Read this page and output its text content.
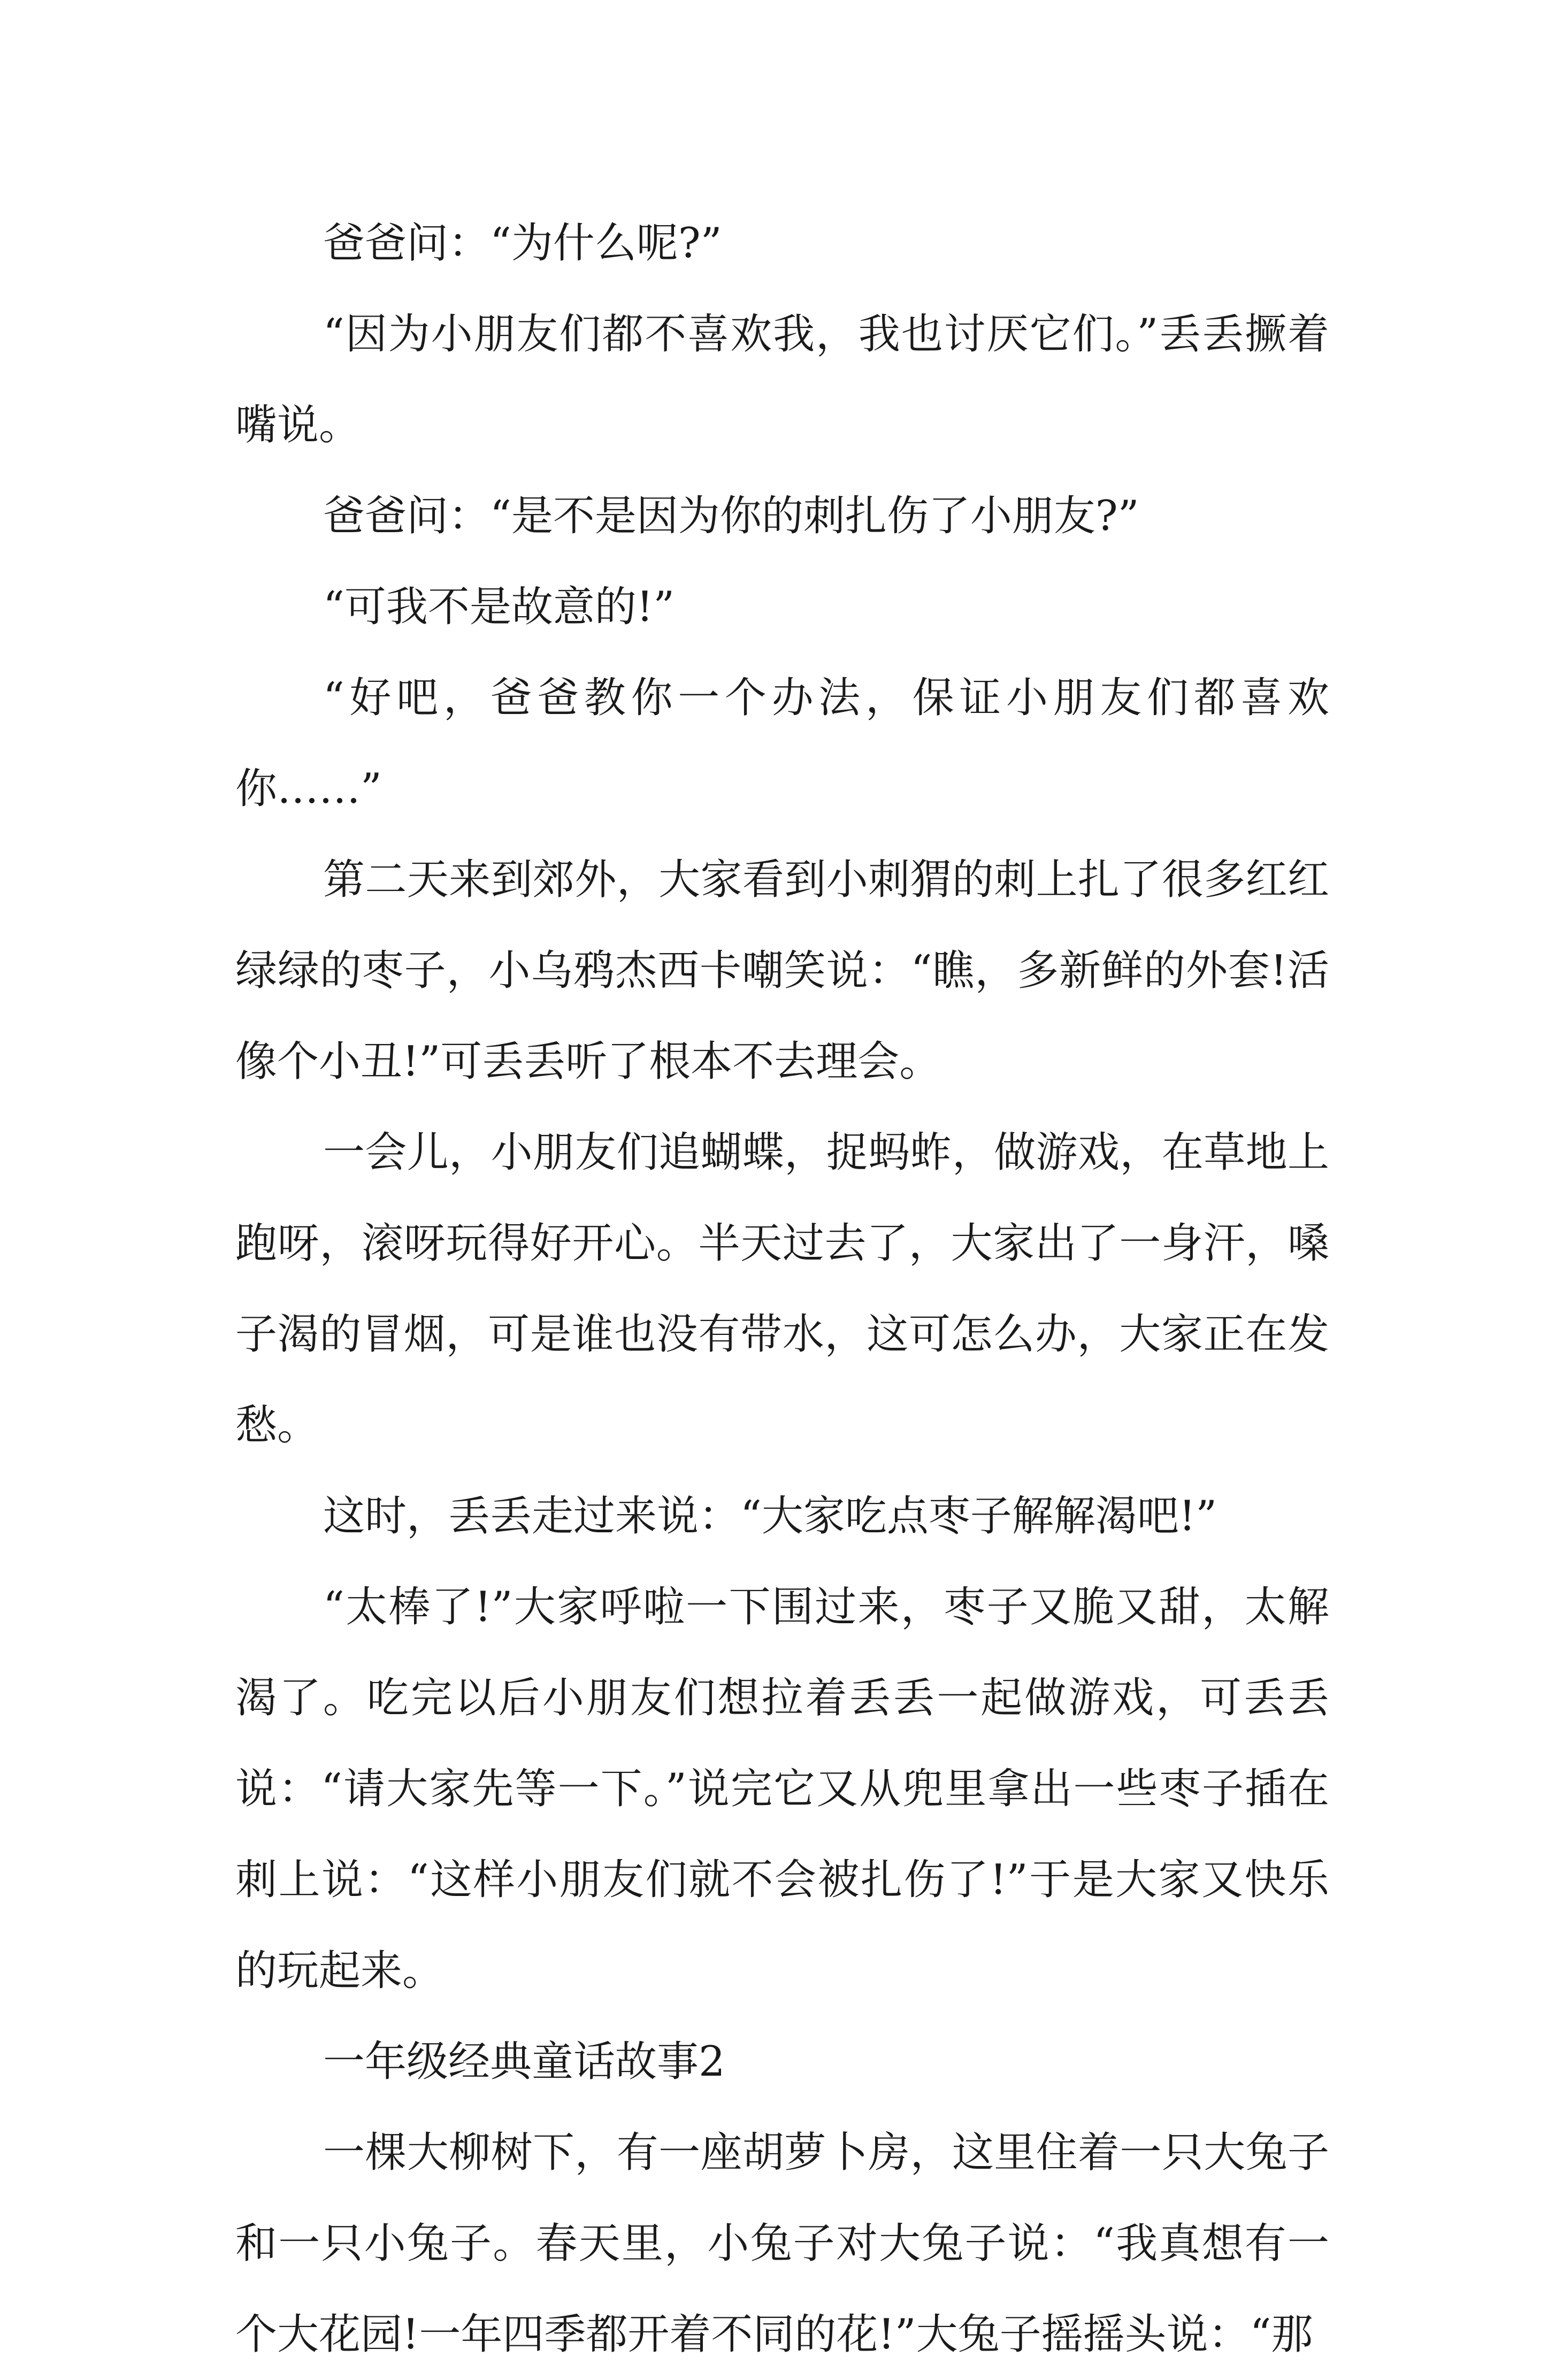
爸爸问：“为什么呢?”

“因为小朋友们都不喜欢我，我也讨厌它们。”丢丢撅着嘴说。

爸爸问：“是不是因为你的刺扎伤了小朋友?”

“可我不是故意的!”

“好吧，爸爸教你一个办法，保证小朋友们都喜欢你……”

第二天来到郊外，大家看到小刺猬的刺上扎了很多红红绿绿的枣子，小乌鸦杰西卡嘲笑说：“瞧，多新鲜的外套!活像个小丑!”可丢丢听了根本不去理会。

一会儿，小朋友们追蝴蝶，捉蚂蚱，做游戏，在草地上跑呀，滚呀玩得好开心。半天过去了，大家出了一身汗，嗓子渴的冒烟，可是谁也没有带水，这可怎么办，大家正在发愁。

这时，丢丢走过来说：“大家吃点枣子解解渴吧!”

“太棒了!”大家呼啦一下围过来，枣子又脆又甜，太解渴了。吃完以后小朋友们想拉着丢丢一起做游戏，可丢丢说：“请大家先等一下。”说完它又从兜里拿出一些枣子插在刺上说：“这样小朋友们就不会被扎伤了!”于是大家又快乐的玩起来。

一年级经典童话故事2

一棵大柳树下，有一座胡萝卜房，这里住着一只大兔子和一只小兔子。春天里，小兔子对大兔子说：“我真想有一个大花园!一年四季都开着不同的花!”大兔子摇摇头说：“那
